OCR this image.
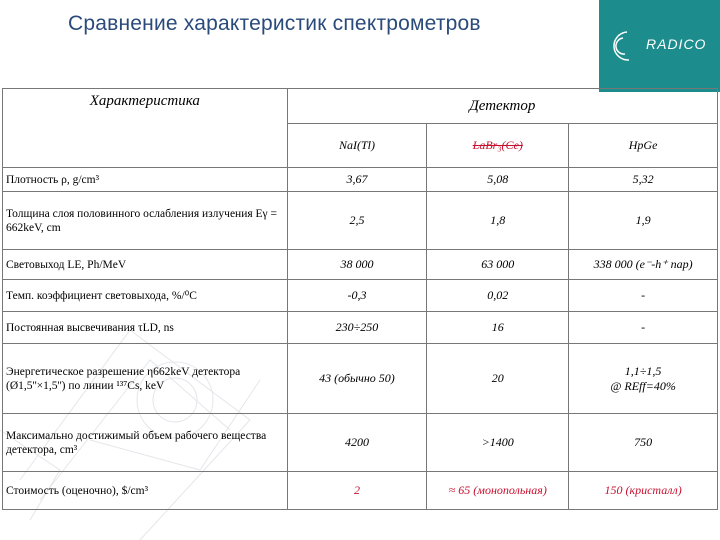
Сравнение характеристик спектрометров
RADICO
Характеристика	Детектор		
	NaI(Tl)	LaBr₃(Ce)	HpGe
Плотность ρ, g/cm³	3,67	5,08	5,32
Толщина слоя половинного ослабления излучения Eγ = 662keV, cm	2,5	1,8	1,9
Световыход LE, Ph/MeV	38 000	63 000	338 000 (e⁻-h⁺ пар)
Темп. коэффициент световыхода, %/⁰C	-0,3	0,02	-
Постоянная высвечивания τLD, ns	230÷250	16	-
Энергетическое разрешение η662keV детектора (Ø1,5''×1,5'') по линии ¹³⁷Cs, keV	43 (обычно 50)	20	1,1÷1,5
@ REff=40%

Максимально достижимый объем рабочего вещества детектора, cm³	4200	>1400	750
Стоимость (оценочно), $/cm³	2	≈ 65 (монопольная)	150 (кристалл)
